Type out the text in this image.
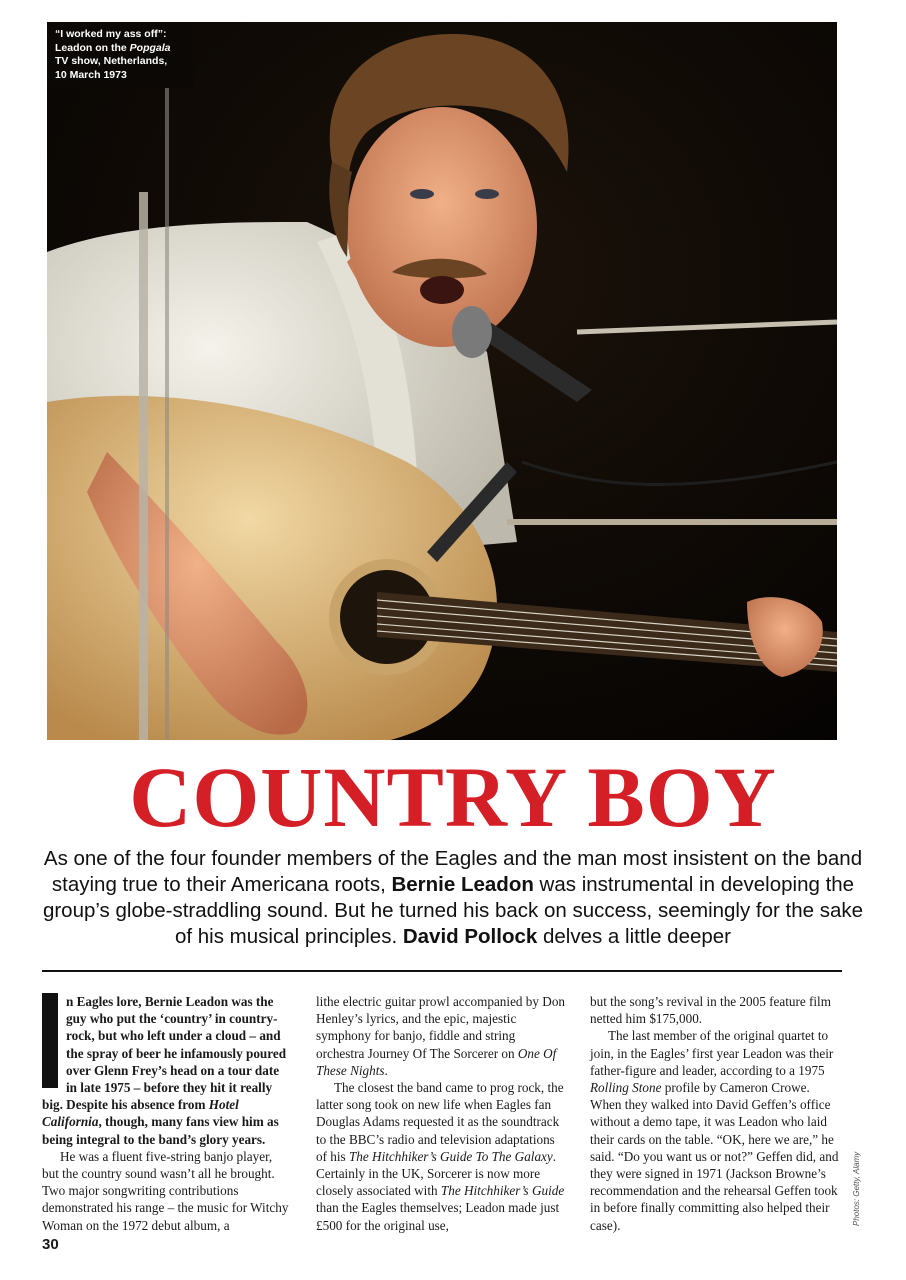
“I worked my ass off”:
Leadon on the Popgala
TV show, Netherlands,
10 March 1973
COUNTRY BOY
As one of the four founder members of the Eagles and the man most insistent on the band staying true to their Americana roots, Bernie Leadon was instrumental in developing the group’s globe-straddling sound. But he turned his back on success, seemingly for the sake of his musical principles. David Pollock delves a little deeper

n Eagles lore, Bernie Leadon was the guy who put the ‘country’ in country-rock, but who left under a cloud – and the spray of beer he infamously poured over Glenn Frey’s head on a tour date in late 1975 – before they hit it really big. Despite his absence from Hotel California, though, many fans view him as being integral to the band’s glory years.

He was a fluent five-string banjo player, but the country sound wasn’t all he brought. Two major songwriting contributions demonstrated his range – the music for Witchy Woman on the 1972 debut album, a

lithe electric guitar prowl accompanied by Don Henley’s lyrics, and the epic, majestic symphony for banjo, fiddle and string orchestra Journey Of The Sorcerer on One Of These Nights.

The closest the band came to prog rock, the latter song took on new life when Eagles fan Douglas Adams requested it as the soundtrack to the BBC’s radio and television adaptations of his The Hitchhiker’s Guide To The Galaxy. Certainly in the UK, Sorcerer is now more closely associated with The Hitchhiker’s Guide than the Eagles themselves; Leadon made just £500 for the original use,

but the song’s revival in the 2005 feature film netted him $175,000.

The last member of the original quartet to join, in the Eagles’ first year Leadon was their father-figure and leader, according to a 1975 Rolling Stone profile by Cameron Crowe. When they walked into David Geffen’s office without a demo tape, it was Leadon who laid their cards on the table. “OK, here we are,” he said. “Do you want us or not?” Geffen did, and they were signed in 1971 (Jackson Browne’s recommendation and the rehearsal Geffen took in before finally committing also helped their case).

30
Photos: Getty, Alamy
